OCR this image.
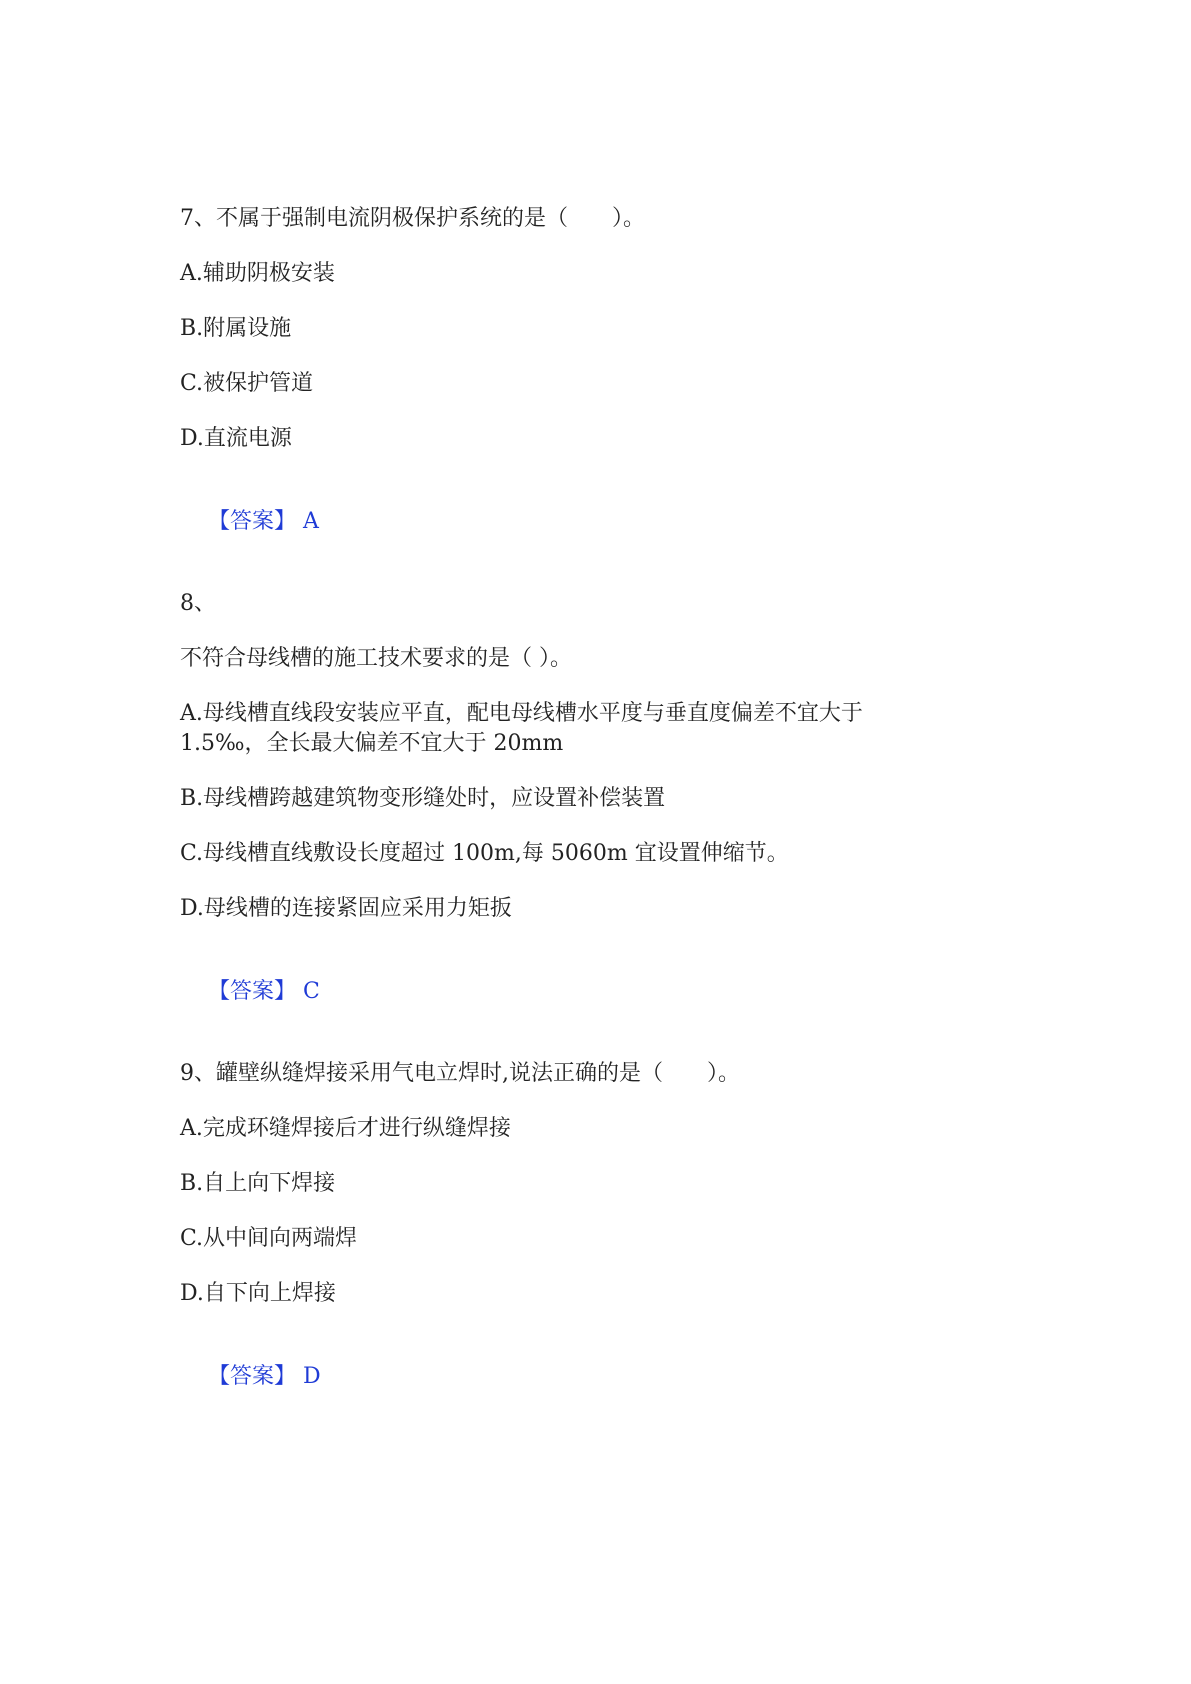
7、不属于强制电流阴极保护系统的是（　　）。
A.辅助阴极安装
B.附属设施
C.被保护管道
D.直流电源

【答案】 A

8、
不符合母线槽的施工技术要求的是（ ）。
A.母线槽直线段安装应平直，配电母线槽水平度与垂直度偏差不宜大于
1.5‰，全长最大偏差不宜大于 20mm
B.母线槽跨越建筑物变形缝处时，应设置补偿装置
C.母线槽直线敷设长度超过 100m,每 5060m 宜设置伸缩节。
D.母线槽的连接紧固应采用力矩扳

【答案】 C

9、罐壁纵缝焊接采用气电立焊时,说法正确的是（　　）。
A.完成环缝焊接后才进行纵缝焊接
B.自上向下焊接
C.从中间向两端焊
D.自下向上焊接

【答案】 D
